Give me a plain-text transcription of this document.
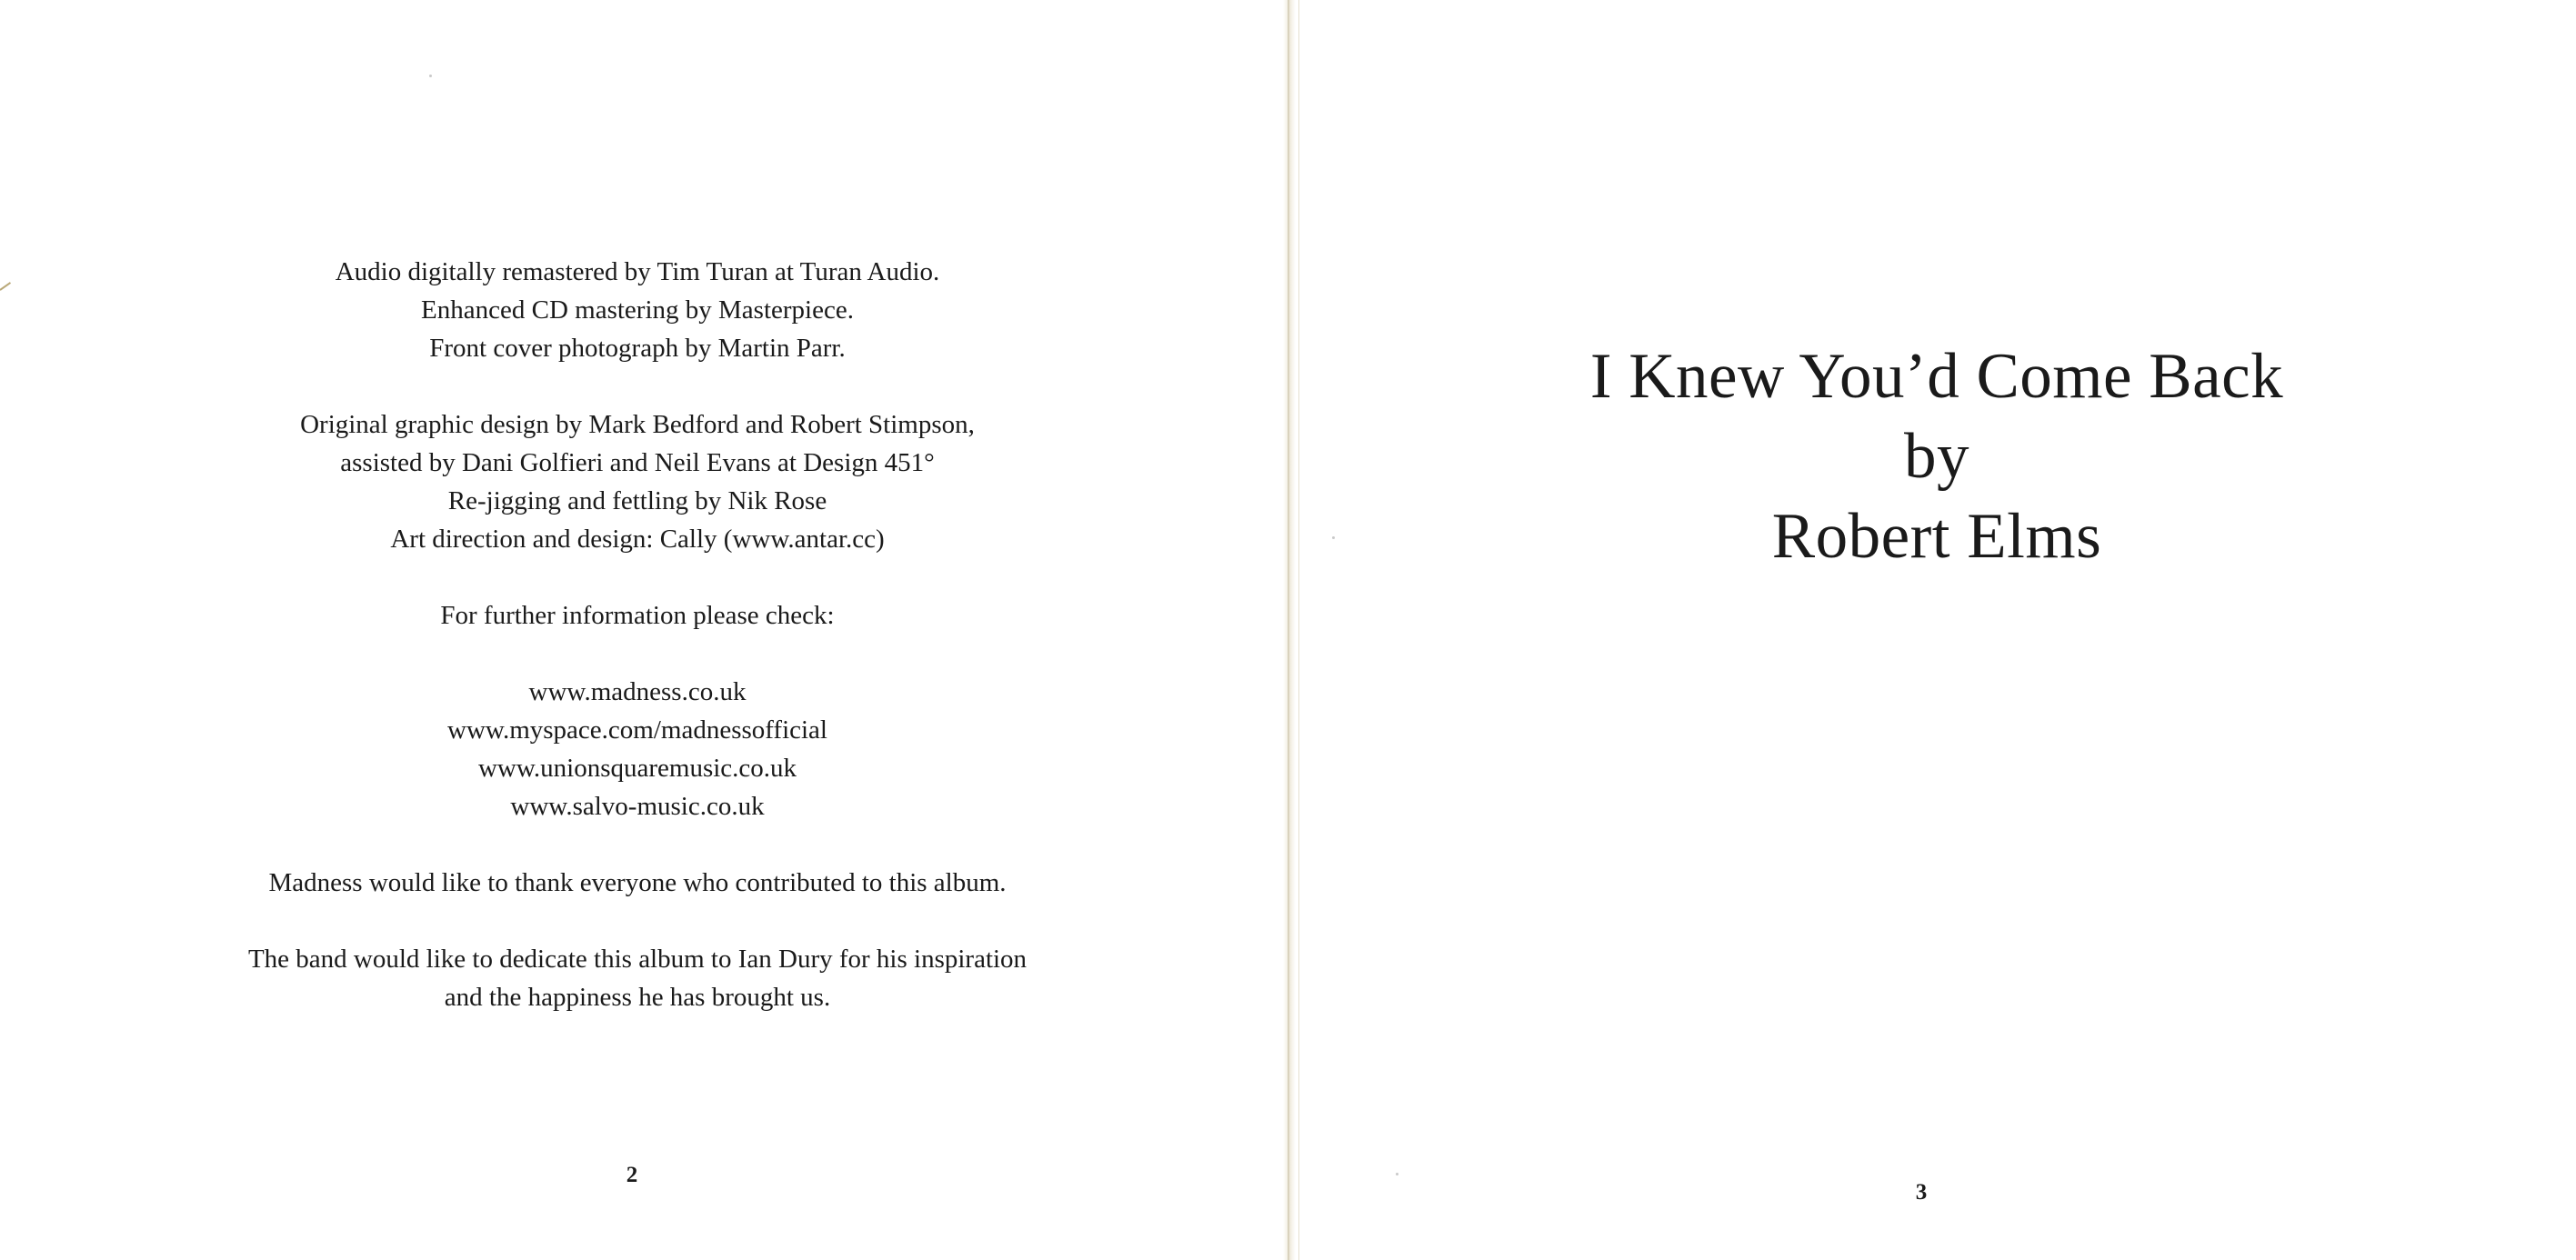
Audio digitally remastered by Tim Turan at Turan Audio.
Enhanced CD mastering by Masterpiece.
Front cover photograph by Martin Parr.
Original graphic design by Mark Bedford and Robert Stimpson,
assisted by Dani Golfieri and Neil Evans at Design 451°
Re-jigging and fettling by Nik Rose
Art direction and design: Cally (www.antar.cc)
For further information please check:
www.madness.co.uk
www.myspace.com/madnessofficial
www.unionsquaremusic.co.uk
www.salvo-music.co.uk
Madness would like to thank everyone who contributed to this album.
The band would like to dedicate this album to Ian Dury for his inspiration
and the happiness he has brought us.
2
I Knew You’d Come Back
by
Robert Elms
3
